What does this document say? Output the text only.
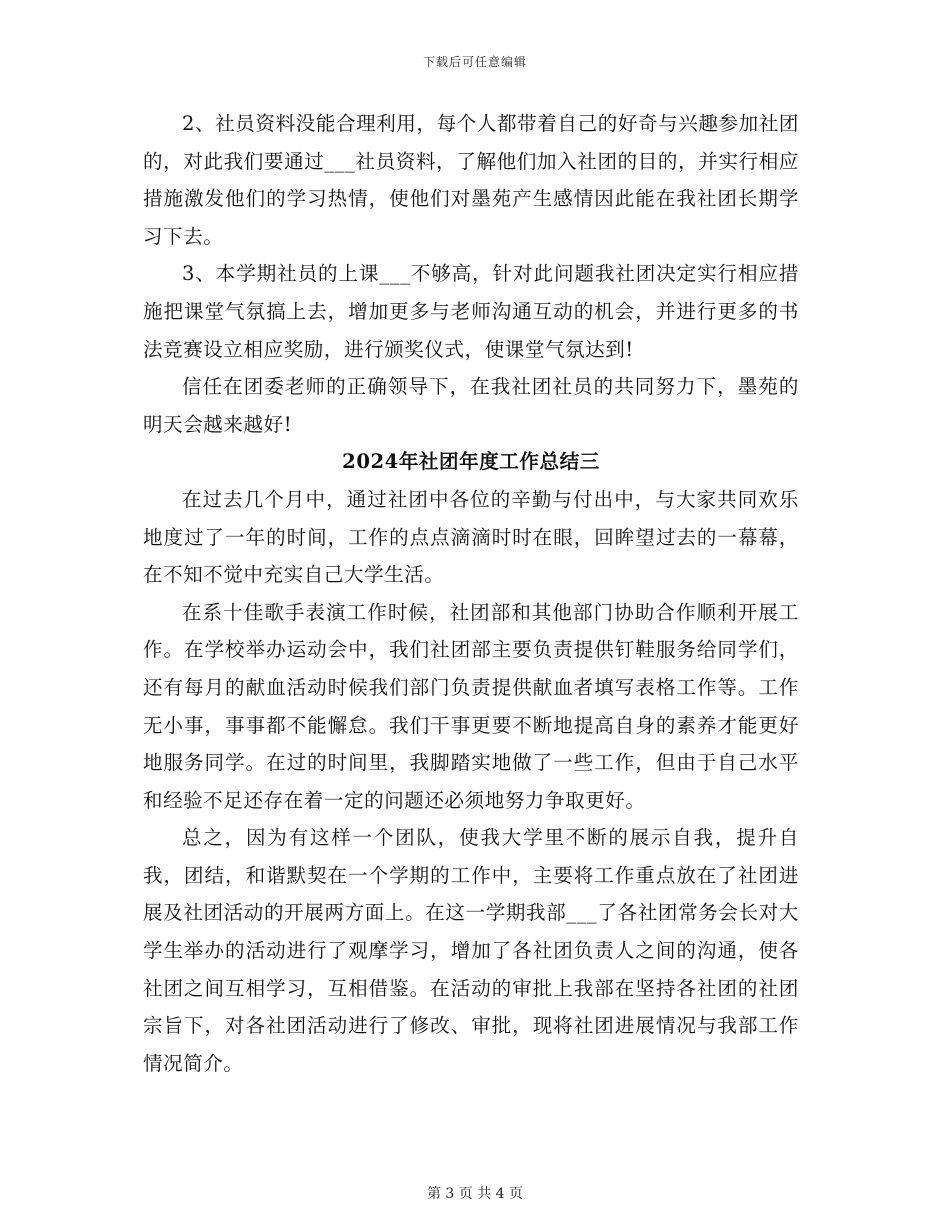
下载后可任意编辑

2、社员资料没能合理利用，每个人都带着自己的好奇与兴趣参加社团的，对此我们要通过___社员资料，了解他们加入社团的目的，并实行相应措施激发他们的学习热情，使他们对墨苑产生感情因此能在我社团长期学习下去。

3、本学期社员的上课___不够高，针对此问题我社团决定实行相应措施把课堂气氛搞上去，增加更多与老师沟通互动的机会，并进行更多的书法竞赛设立相应奖励，进行颁奖仪式，使课堂气氛达到!

信任在团委老师的正确领导下，在我社团社员的共同努力下，墨苑的明天会越来越好!

2024年社团年度工作总结三

在过去几个月中，通过社团中各位的辛勤与付出中，与大家共同欢乐地度过了一年的时间，工作的点点滴滴时时在眼，回眸望过去的一幕幕，在不知不觉中充实自己大学生活。

在系十佳歌手表演工作时候，社团部和其他部门协助合作顺利开展工作。在学校举办运动会中，我们社团部主要负责提供钉鞋服务给同学们，还有每月的献血活动时候我们部门负责提供献血者填写表格工作等。工作无小事，事事都不能懈怠。我们干事更要不断地提高自身的素养才能更好地服务同学。在过的时间里，我脚踏实地做了一些工作，但由于自己水平和经验不足还存在着一定的问题还必须地努力争取更好。

总之，因为有这样一个团队，使我大学里不断的展示自我，提升自我，团结，和谐默契在一个学期的工作中，主要将工作重点放在了社团进展及社团活动的开展两方面上。在这一学期我部___了各社团常务会长对大学生举办的活动进行了观摩学习，增加了各社团负责人之间的沟通，使各社团之间互相学习，互相借鉴。在活动的审批上我部在坚持各社团的社团宗旨下，对各社团活动进行了修改、审批，现将社团进展情况与我部工作情况简介。

第 3 页 共 4 页
